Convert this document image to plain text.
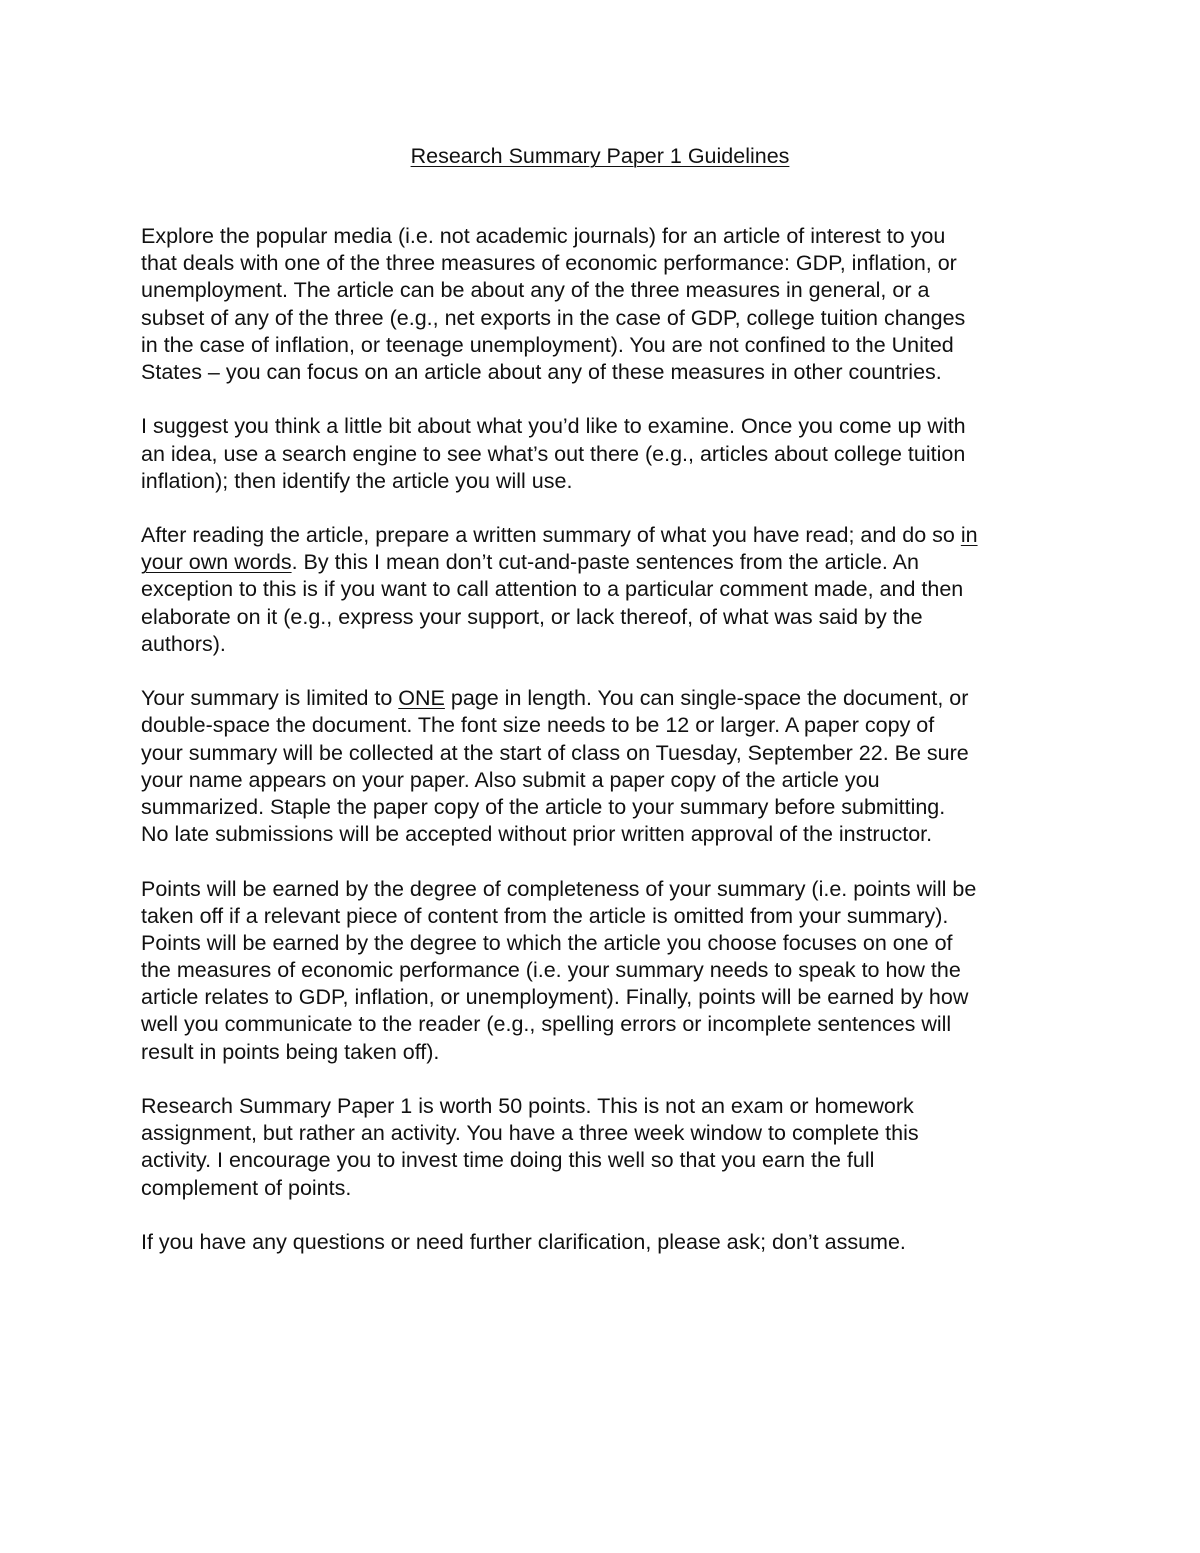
Research Summary Paper 1 Guidelines
Explore the popular media (i.e. not academic journals) for an article of interest to you
that deals with one of the three measures of economic performance: GDP, inflation, or
unemployment. The article can be about any of the three measures in general, or a
subset of any of the three (e.g., net exports in the case of GDP, college tuition changes
in the case of inflation, or teenage unemployment). You are not confined to the United
States – you can focus on an article about any of these measures in other countries.
I suggest you think a little bit about what you’d like to examine. Once you come up with
an idea, use a search engine to see what’s out there (e.g., articles about college tuition
inflation); then identify the article you will use.
After reading the article, prepare a written summary of what you have read; and do so in
your own words. By this I mean don’t cut-and-paste sentences from the article. An
exception to this is if you want to call attention to a particular comment made, and then
elaborate on it (e.g., express your support, or lack thereof, of what was said by the
authors).
Your summary is limited to ONE page in length. You can single-space the document, or
double-space the document. The font size needs to be 12 or larger. A paper copy of
your summary will be collected at the start of class on Tuesday, September 22. Be sure
your name appears on your paper. Also submit a paper copy of the article you
summarized. Staple the paper copy of the article to your summary before submitting.
No late submissions will be accepted without prior written approval of the instructor.
Points will be earned by the degree of completeness of your summary (i.e. points will be
taken off if a relevant piece of content from the article is omitted from your summary).
Points will be earned by the degree to which the article you choose focuses on one of
the measures of economic performance (i.e. your summary needs to speak to how the
article relates to GDP, inflation, or unemployment). Finally, points will be earned by how
well you communicate to the reader (e.g., spelling errors or incomplete sentences will
result in points being taken off).
Research Summary Paper 1 is worth 50 points. This is not an exam or homework
assignment, but rather an activity. You have a three week window to complete this
activity. I encourage you to invest time doing this well so that you earn the full
complement of points.
If you have any questions or need further clarification, please ask; don’t assume.
